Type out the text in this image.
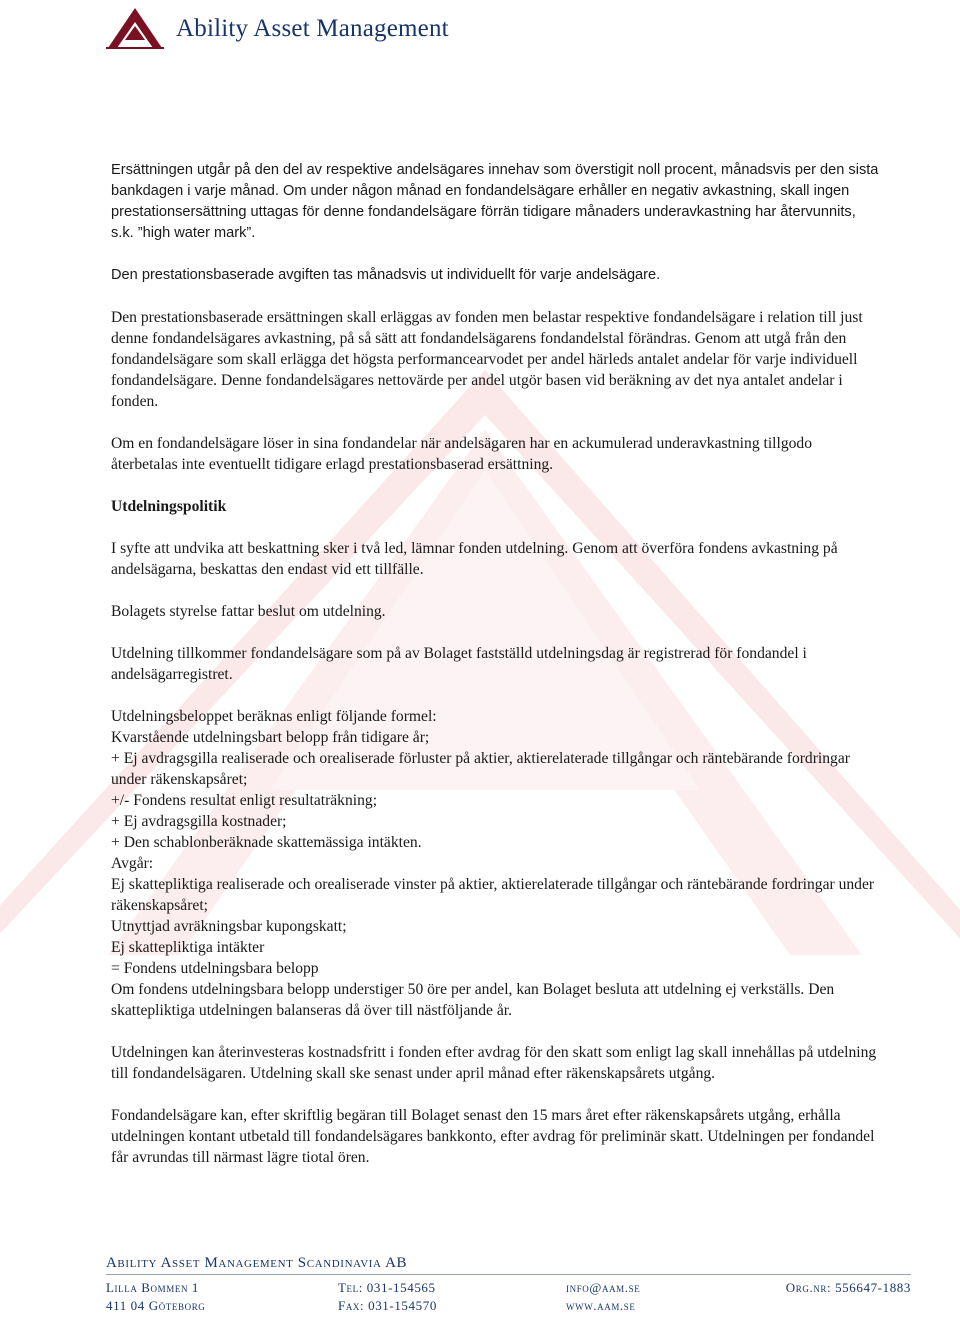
Ability Asset Management

Ersättningen utgår på den del av respektive andelsägares innehav som överstigit noll procent, månadsvis per den sista bankdagen i varje månad. Om under någon månad en fondandelsägare erhåller en negativ avkastning, skall ingen prestationsersättning uttagas för denne fondandelsägare förrän tidigare månaders underavkastning har återvunnits, s.k. ”high water mark”.

Den prestationsbaserade avgiften tas månadsvis ut individuellt för varje andelsägare.

Den prestationsbaserade ersättningen skall erläggas av fonden men belastar respektive fondandelsägare i relation till just denne fondandelsägares avkastning, på så sätt att fondandelsägarens fondandelstal förändras. Genom att utgå från den fondandelsägare som skall erlägga det högsta performancearvodet per andel härleds antalet andelar för varje individuell fondandelsägare. Denne fondandelsägares nettovärde per andel utgör basen vid beräkning av det nya antalet andelar i fonden.

Om en fondandelsägare löser in sina fondandelar när andelsägaren har en ackumulerad underavkastning tillgodo återbetalas inte eventuellt tidigare erlagd prestationsbaserad ersättning.

Utdelningspolitik

I syfte att undvika att beskattning sker i två led, lämnar fonden utdelning. Genom att överföra fondens avkastning på andelsägarna, beskattas den endast vid ett tillfälle.

Bolagets styrelse fattar beslut om utdelning.

Utdelning tillkommer fondandelsägare som på av Bolaget fastställd utdelningsdag är registrerad för fondandel i andelsägarregistret.

Utdelningsbeloppet beräknas enligt följande formel:

Kvarstående utdelningsbart belopp från tidigare år;

+ Ej avdragsgilla realiserade och orealiserade förluster på aktier, aktierelaterade tillgångar och räntebärande fordringar under räkenskapsåret;

+/- Fondens resultat enligt resultaträkning;

+ Ej avdragsgilla kostnader;

+ Den schablonberäknade skattemässiga intäkten.

Avgår:

Ej skattepliktiga realiserade och orealiserade vinster på aktier, aktierelaterade tillgångar och räntebärande fordringar under räkenskapsåret;

Utnyttjad avräkningsbar kupongskatt;

Ej skattepliktiga intäkter

= Fondens utdelningsbara belopp

Om fondens utdelningsbara belopp understiger 50 öre per andel, kan Bolaget besluta att utdelning ej verkställs. Den skattepliktiga utdelningen balanseras då över till nästföljande år.

Utdelningen kan återinvesteras kostnadsfritt i fonden efter avdrag för den skatt som enligt lag skall innehållas på utdelning till fondandelsägaren. Utdelning skall ske senast under april månad efter räkenskapsårets utgång.

Fondandelsägare kan, efter skriftlig begäran till Bolaget senast den 15 mars året efter räkenskapsårets utgång, erhålla utdelningen kontant utbetald till fondandelsägares bankkonto, efter avdrag för preliminär skatt. Utdelningen per fondandel får avrundas till närmast lägre tiotal ören.

Ability Asset Management Scandinavia AB
Lilla Bommen 1
411 04 Göteborg
Tel: 031-154565
Fax: 031-154570
info@aam.se
www.aam.se
Org.nr: 556647-1883
